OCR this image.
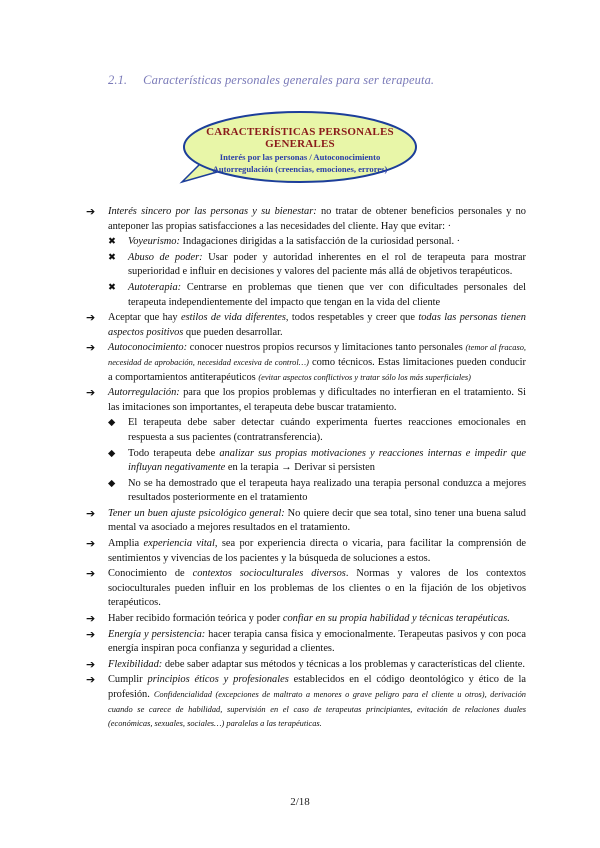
2.1. Características personales generales para ser terapeuta.
CARACTERÍSTICAS PERSONALES GENERALES
Interés por las personas / Autoconocimiento
Autorregulación (creencias, emociones, errores)
➔	Interés sincero por las personas y su bienestar: no tratar de obtener beneficios personales y no anteponer las propias satisfacciones a las necesidades del cliente. Hay que evitar: ·
✖	Voyeurismo: Indagaciones dirigidas a la satisfacción de la curiosidad personal. ·
✖	Abuso de poder: Usar poder y autoridad inherentes en el rol de terapeuta para mostrar superioridad e influir en decisiones y valores del paciente más allá de objetivos terapéuticos.
✖	Autoterapia: Centrarse en problemas que tienen que ver con dificultades personales del terapeuta independientemente del impacto que tengan en la vida del cliente
➔	Aceptar que hay estilos de vida diferentes, todos respetables y creer que todas las personas tienen aspectos positivos que pueden desarrollar.
➔	Autoconocimiento: conocer nuestros propios recursos y limitaciones tanto personales (temor al fracaso, necesidad de aprobación, necesidad excesiva de control…) como técnicos. Estas limitaciones pueden conducir a comportamientos antiterapéuticos (evitar aspectos conflictivos y tratar sólo los más superficiales)
➔	Autorregulación: para que los propios problemas y dificultades no interfieran en el tratamiento. Si las imitaciones son importantes, el terapeuta debe buscar tratamiento.
◆	El terapeuta debe saber detectar cuándo experimenta fuertes reacciones emocionales en respuesta a sus pacientes (contratransferencia).
◆	Todo terapeuta debe analizar sus propias motivaciones y reacciones internas e impedir que influyan negativamente en la terapia → Derivar si persisten
◆	No se ha demostrado que el terapeuta haya realizado una terapia personal conduzca a mejores resultados posteriormente en el tratamiento
➔	Tener un buen ajuste psicológico general: No quiere decir que sea total, sino tener una buena salud mental va asociado a mejores resultados en el tratamiento.
➔	Amplia experiencia vital, sea por experiencia directa o vicaria, para facilitar la comprensión de sentimientos y vivencias de los pacientes y la búsqueda de soluciones a estos.
➔	Conocimiento de contextos socioculturales diversos. Normas y valores de los contextos socioculturales pueden influir en los problemas de los clientes o en la fijación de los objetivos terapéuticos.
➔	Haber recibido formación teórica y poder confiar en su propia habilidad y técnicas terapéuticas.
➔	Energía y persistencia: hacer terapia cansa física y emocionalmente. Terapeutas pasivos y con poca energía inspiran poca confianza y seguridad a clientes.
➔	Flexibilidad: debe saber adaptar sus métodos y técnicas a los problemas y características del cliente.
➔	Cumplir principios éticos y profesionales establecidos en el código deontológico y ético de la profesión. Confidencialidad (excepciones de maltrato a menores o grave peligro para el cliente u otros), derivación cuando se carece de habilidad, supervisión en el caso de terapeutas principiantes, evitación de relaciones duales (económicas, sexuales, sociales…) paralelas a las terapéuticas.
2/18
